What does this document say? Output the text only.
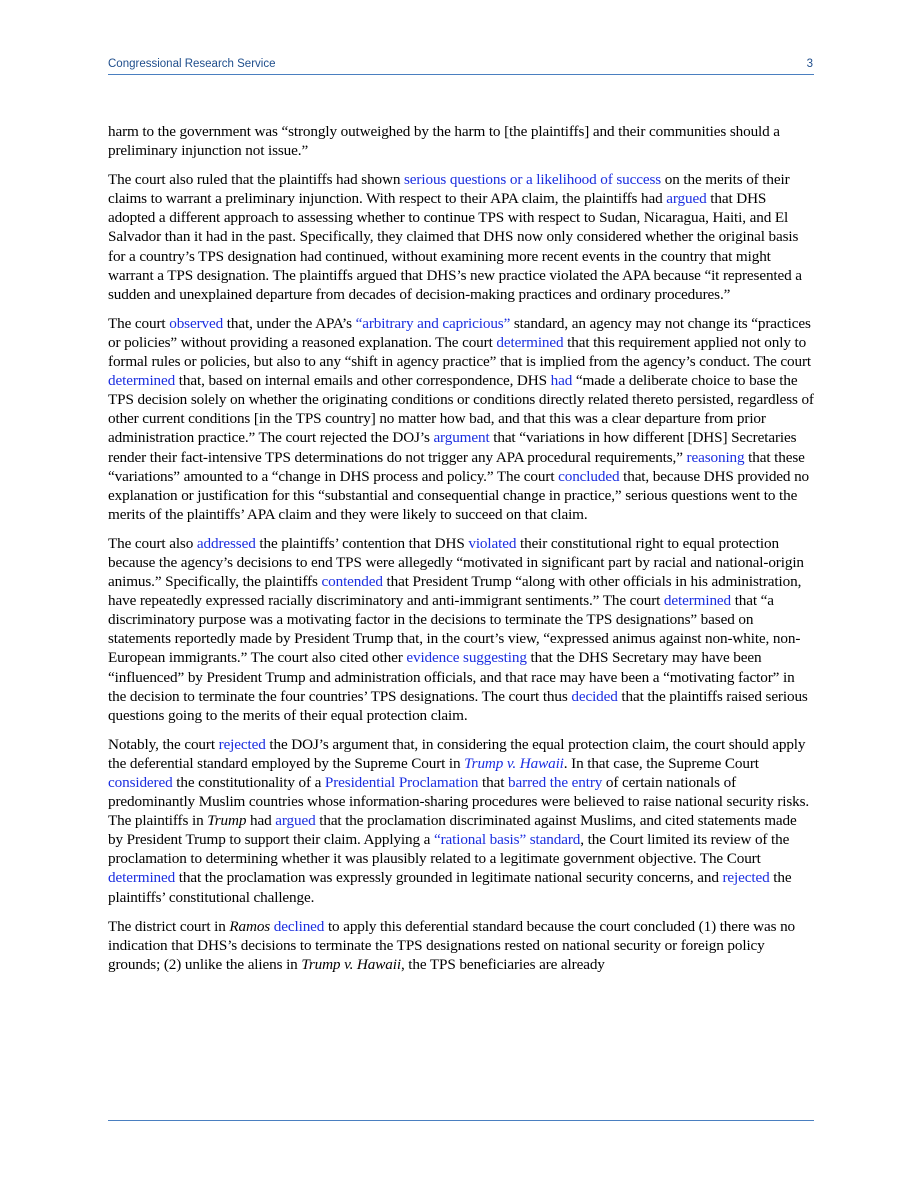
Congressional Research Service	3

harm to the government was “strongly outweighed by the harm to [the plaintiffs] and their communities should a preliminary injunction not issue.”

The court also ruled that the plaintiffs had shown serious questions or a likelihood of success on the merits of their claims to warrant a preliminary injunction. With respect to their APA claim, the plaintiffs had argued that DHS adopted a different approach to assessing whether to continue TPS with respect to Sudan, Nicaragua, Haiti, and El Salvador than it had in the past. Specifically, they claimed that DHS now only considered whether the original basis for a country’s TPS designation had continued, without examining more recent events in the country that might warrant a TPS designation. The plaintiffs argued that DHS’s new practice violated the APA because “it represented a sudden and unexplained departure from decades of decision-making practices and ordinary procedures.”

The court observed that, under the APA’s “arbitrary and capricious” standard, an agency may not change its “practices or policies” without providing a reasoned explanation. The court determined that this requirement applied not only to formal rules or policies, but also to any “shift in agency practice” that is implied from the agency’s conduct. The court determined that, based on internal emails and other correspondence, DHS had “made a deliberate choice to base the TPS decision solely on whether the originating conditions or conditions directly related thereto persisted, regardless of other current conditions [in the TPS country] no matter how bad, and that this was a clear departure from prior administration practice.” The court rejected the DOJ’s argument that “variations in how different [DHS] Secretaries render their fact-intensive TPS determinations do not trigger any APA procedural requirements,” reasoning that these “variations” amounted to a “change in DHS process and policy.” The court concluded that, because DHS provided no explanation or justification for this “substantial and consequential change in practice,” serious questions went to the merits of the plaintiffs’ APA claim and they were likely to succeed on that claim.

The court also addressed the plaintiffs’ contention that DHS violated their constitutional right to equal protection because the agency’s decisions to end TPS were allegedly “motivated in significant part by racial and national-origin animus.” Specifically, the plaintiffs contended that President Trump “along with other officials in his administration, have repeatedly expressed racially discriminatory and anti-immigrant sentiments.” The court determined that “a discriminatory purpose was a motivating factor in the decisions to terminate the TPS designations” based on statements reportedly made by President Trump that, in the court’s view, “expressed animus against non-white, non-European immigrants.” The court also cited other evidence suggesting that the DHS Secretary may have been “influenced” by President Trump and administration officials, and that race may have been a “motivating factor” in the decision to terminate the four countries’ TPS designations. The court thus decided that the plaintiffs raised serious questions going to the merits of their equal protection claim.

Notably, the court rejected the DOJ’s argument that, in considering the equal protection claim, the court should apply the deferential standard employed by the Supreme Court in Trump v. Hawaii. In that case, the Supreme Court considered the constitutionality of a Presidential Proclamation that barred the entry of certain nationals of predominantly Muslim countries whose information-sharing procedures were believed to raise national security risks. The plaintiffs in Trump had argued that the proclamation discriminated against Muslims, and cited statements made by President Trump to support their claim. Applying a “rational basis” standard, the Court limited its review of the proclamation to determining whether it was plausibly related to a legitimate government objective. The Court determined that the proclamation was expressly grounded in legitimate national security concerns, and rejected the plaintiffs’ constitutional challenge.

The district court in Ramos declined to apply this deferential standard because the court concluded (1) there was no indication that DHS’s decisions to terminate the TPS designations rested on national security or foreign policy grounds; (2) unlike the aliens in Trump v. Hawaii, the TPS beneficiaries are already
